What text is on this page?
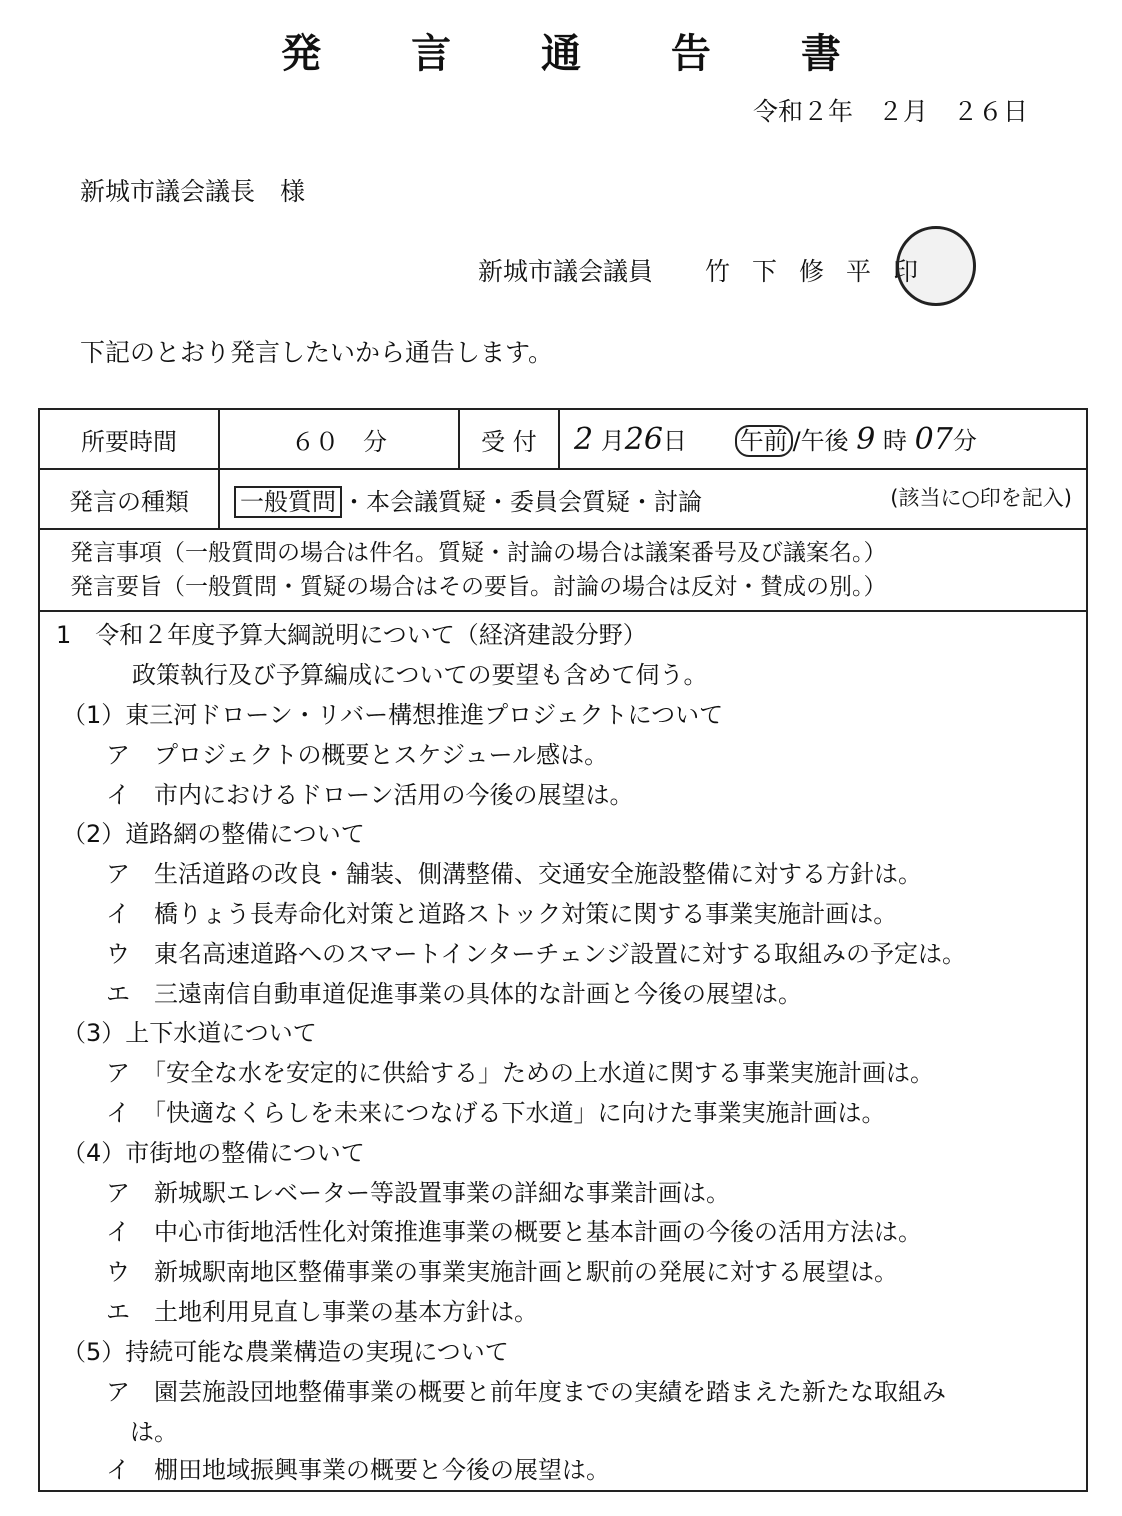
発 言 通 告 書
令和２年　２月　２６日
新城市議会議長　様
新城市議会議員 竹下修平印
下記のとおり発言したいから通告します。
所要時間	６０　分	受 付	2 月26日 午前 /午後 9 時 07分
発言の種類	一般質問 ・本会議質疑・委員会質疑・討論 (該当に○印を記入)		
発言事項（一般質問の場合は件名。質疑・討論の場合は議案番号及び議案名。）
発言要旨（一般質問・質疑の場合はその要旨。討論の場合は反対・賛成の別。）
1　令和２年度予算大綱説明について（経済建設分野）
政策執行及び予算編成についての要望も含めて伺う。
（1）東三河ドローン・リバー構想推進プロジェクトについて
ア　プロジェクトの概要とスケジュール感は。
イ　市内におけるドローン活用の今後の展望は。
（2）道路網の整備について
ア　生活道路の改良・舗装、側溝整備、交通安全施設整備に対する方針は。
イ　橋りょう長寿命化対策と道路ストック対策に関する事業実施計画は。
ウ　東名高速道路へのスマートインターチェンジ設置に対する取組みの予定は。
エ　三遠南信自動車道促進事業の具体的な計画と今後の展望は。
（3）上下水道について
ア　「安全な水を安定的に供給する」ための上水道に関する事業実施計画は。
イ　「快適なくらしを未来につなげる下水道」に向けた事業実施計画は。
（4）市街地の整備について
ア　新城駅エレベーター等設置事業の詳細な事業計画は。
イ　中心市街地活性化対策推進事業の概要と基本計画の今後の活用方法は。
ウ　新城駅南地区整備事業の事業実施計画と駅前の発展に対する展望は。
エ　土地利用見直し事業の基本方針は。
（5）持続可能な農業構造の実現について
ア　園芸施設団地整備事業の概要と前年度までの実績を踏まえた新たな取組み
は。
イ　棚田地域振興事業の概要と今後の展望は。
